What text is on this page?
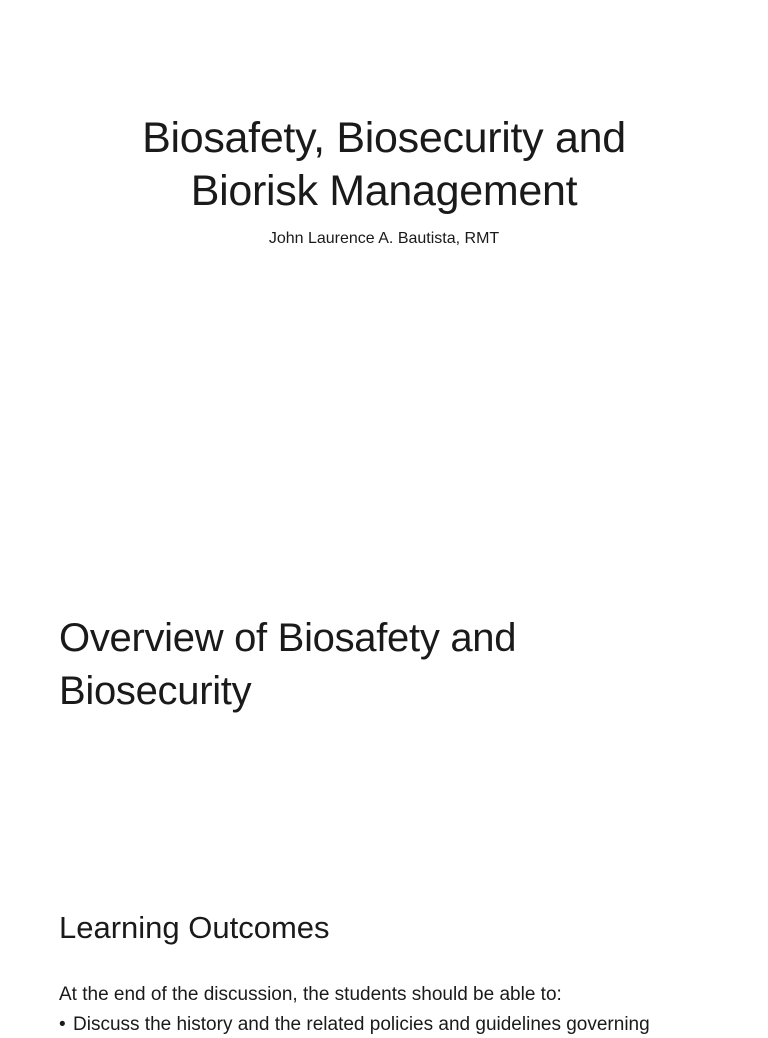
Biosafety, Biosecurity and
Biorisk Management
John Laurence A. Bautista, RMT
Overview of Biosafety and
Biosecurity
Learning Outcomes
At the end of the discussion, the students should be able to:
• Discuss the history and the related policies and guidelines governing
